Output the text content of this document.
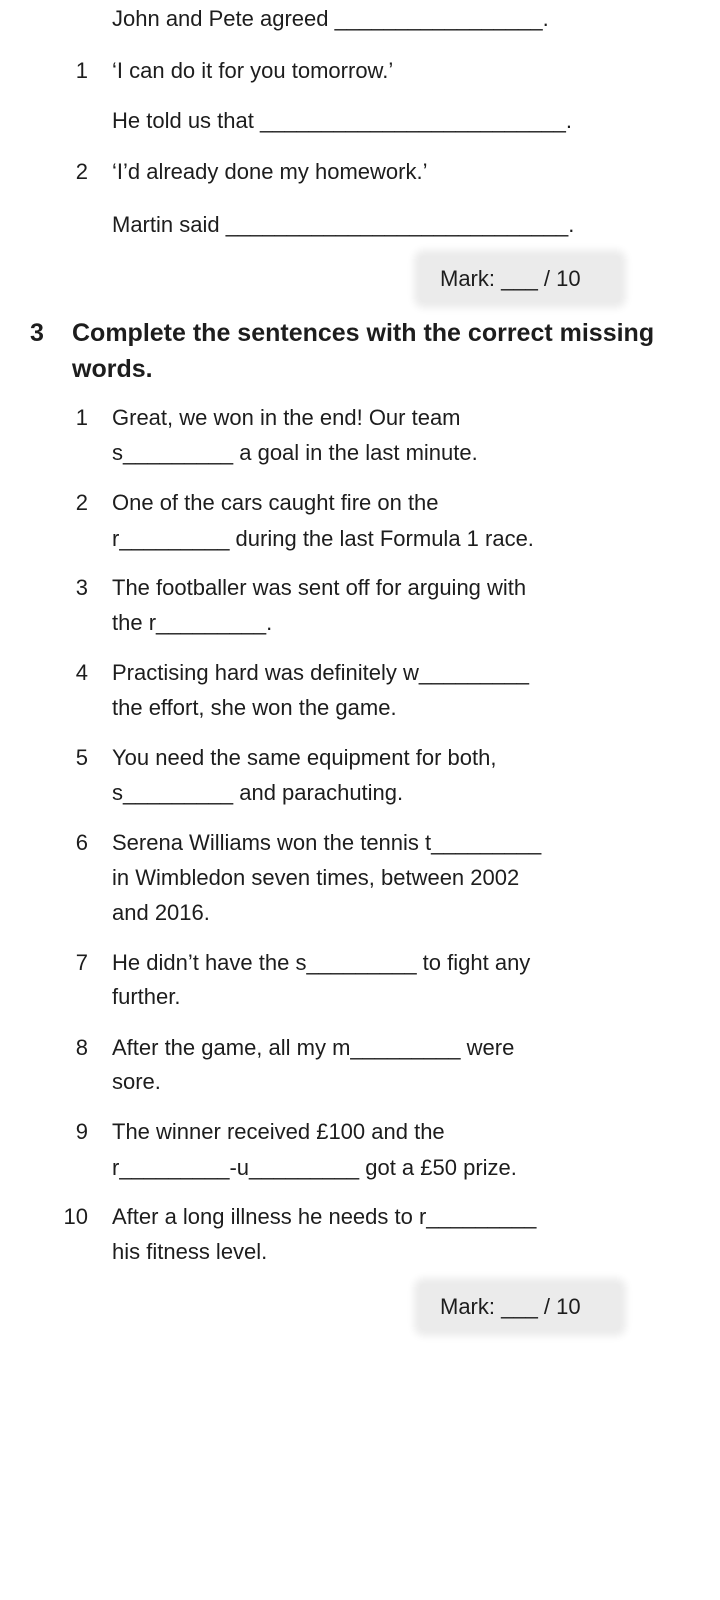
John and Pete agreed _________________.
1 ‘I can do it for you tomorrow.’
He told us that _________________________.
2 ‘I’d already done my homework.’
Martin said ____________________________.
Mark: ___ / 10
3 Complete the sentences with the correct missing words.
1 Great, we won in the end! Our team
s_________ a goal in the last minute.
2 One of the cars caught fire on the
r_________ during the last Formula 1 race.
3 The footballer was sent off for arguing with
the r_________.
4 Practising hard was definitely w_________
the effort, she won the game.
5 You need the same equipment for both,
s_________ and parachuting.
6 Serena Williams won the tennis t_________
in Wimbledon seven times, between 2002
and 2016.
7 He didn’t have the s_________ to fight any
further.
8 After the game, all my m_________ were
sore.
9 The winner received £100 and the
r_________-u_________ got a £50 prize.
10 After a long illness he needs to r_________
his fitness level.
Mark: ___ / 10
